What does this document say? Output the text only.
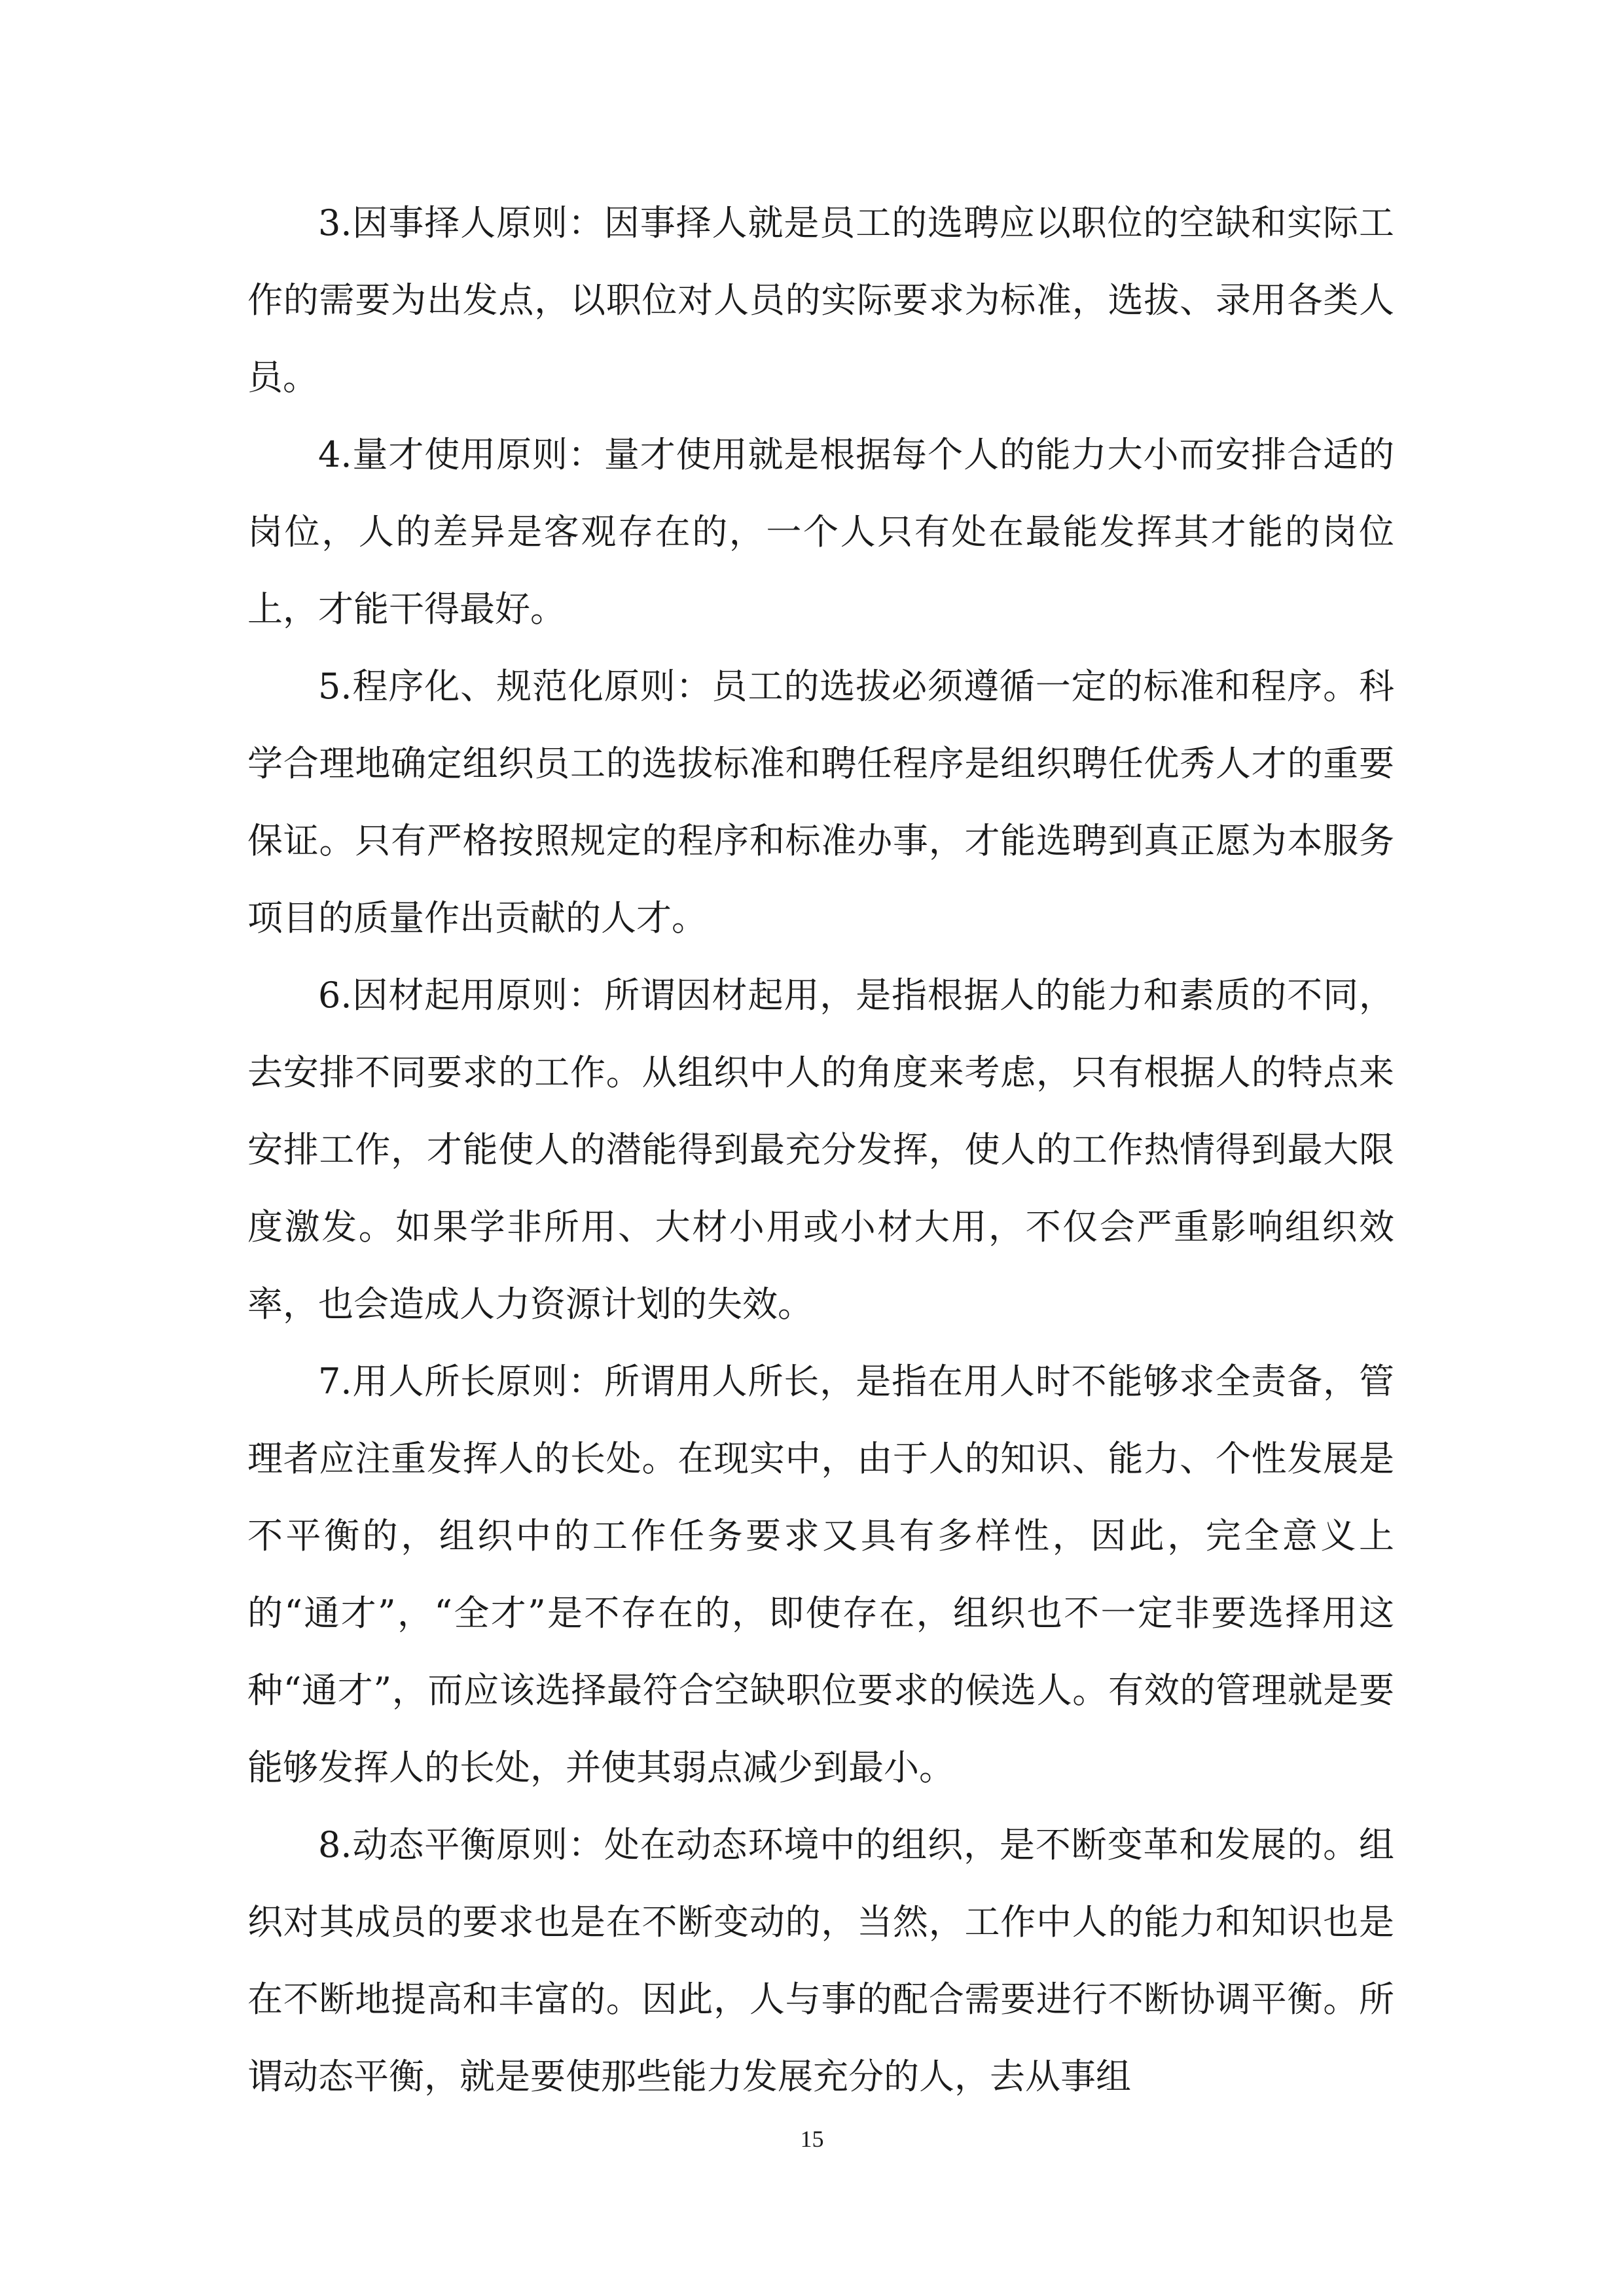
3.因事择人原则：因事择人就是员工的选聘应以职位的空缺和实际工作的需要为出发点，以职位对人员的实际要求为标准，选拔、录用各类人员。

4.量才使用原则：量才使用就是根据每个人的能力大小而安排合适的岗位，人的差异是客观存在的，一个人只有处在最能发挥其才能的岗位上，才能干得最好。

5.程序化、规范化原则：员工的选拔必须遵循一定的标准和程序。科学合理地确定组织员工的选拔标准和聘任程序是组织聘任优秀人才的重要保证。只有严格按照规定的程序和标准办事，才能选聘到真正愿为本服务项目的质量作出贡献的人才。

6.因材起用原则：所谓因材起用，是指根据人的能力和素质的不同，去安排不同要求的工作。从组织中人的角度来考虑，只有根据人的特点来安排工作，才能使人的潜能得到最充分发挥，使人的工作热情得到最大限度激发。如果学非所用、大材小用或小材大用，不仅会严重影响组织效率，也会造成人力资源计划的失效。

7.用人所长原则：所谓用人所长，是指在用人时不能够求全责备，管理者应注重发挥人的长处。在现实中，由于人的知识、能力、个性发展是不平衡的，组织中的工作任务要求又具有多样性，因此，完全意义上的“通才”，“全才”是不存在的，即使存在，组织也不一定非要选择用这种“通才”，而应该选择最符合空缺职位要求的候选人。有效的管理就是要能够发挥人的长处，并使其弱点减少到最小。

8.动态平衡原则：处在动态环境中的组织，是不断变革和发展的。组织对其成员的要求也是在不断变动的，当然，工作中人的能力和知识也是在不断地提高和丰富的。因此，人与事的配合需要进行不断协调平衡。所谓动态平衡，就是要使那些能力发展充分的人，去从事组

15
